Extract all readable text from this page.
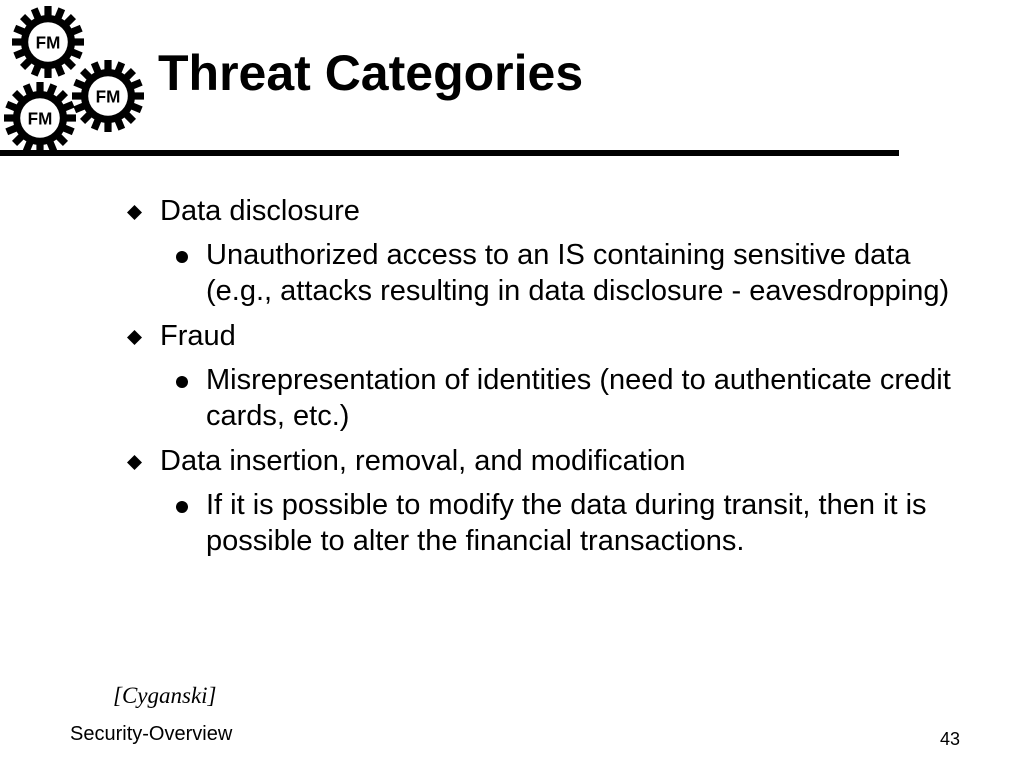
FM
FM
FM
Threat Categories
Data disclosure
Unauthorized access to an IS containing sensitive data (e.g., attacks resulting in data disclosure - eavesdropping)
Fraud
Misrepresentation of identities (need to authenticate credit cards, etc.)
Data insertion, removal, and modification
If it is possible to modify the data during transit, then it is possible to alter the financial transactions.
[Cyganski]
Security-Overview	43
